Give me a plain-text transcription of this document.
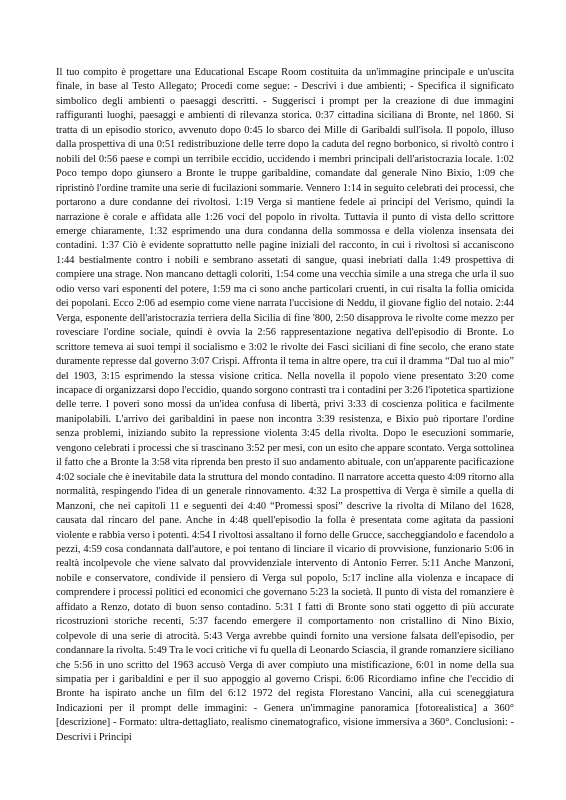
Il tuo compito è progettare una Educational Escape Room costituita da un'immagine principale e un'uscita finale, in base al Testo Allegato; Procedi come segue: - Descrivi i due ambienti; - Specifica il significato simbolico degli ambienti o paesaggi descritti. - Suggerisci i prompt per la creazione di due immagini raffiguranti luoghi, paesaggi e ambienti di rilevanza storica. 0:37 cittadina siciliana di Bronte, nel 1860. Si tratta di un episodio storico, avvenuto dopo 0:45 lo sbarco dei Mille di Garibaldi sull'isola. Il popolo, illuso dalla prospettiva di una 0:51 redistribuzione delle terre dopo la caduta del regno borbonico, si rivoltò contro i nobili del 0:56 paese e compì un terribile eccidio, uccidendo i membri principali dell'aristocrazia locale. 1:02 Poco tempo dopo giunsero a Bronte le truppe garibaldine, comandate dal generale Nino Bixio, 1:09 che ripristinò l'ordine tramite una serie di fucilazioni sommarie. Vennero 1:14 in seguito celebrati dei processi, che portarono a dure condanne dei rivoltosi. 1:19 Verga si mantiene fedele ai principi del Verismo, quindi la narrazione è corale e affidata alle 1:26 voci del popolo in rivolta. Tuttavia il punto di vista dello scrittore emerge chiaramente, 1:32 esprimendo una dura condanna della sommossa e della violenza insensata dei contadini. 1:37 Ciò è evidente soprattutto nelle pagine iniziali del racconto, in cui i rivoltosi si accaniscono 1:44 bestialmente contro i nobili e sembrano assetati di sangue, quasi inebriati dalla 1:49 prospettiva di compiere una strage. Non mancano dettagli coloriti, 1:54 come una vecchia simile a una strega che urla il suo odio verso vari esponenti del potere, 1:59 ma ci sono anche particolari cruenti, in cui risalta la follia omicida dei popolani. Ecco 2:06 ad esempio come viene narrata l'uccisione di Neddu, il giovane figlio del notaio. 2:44 Verga, esponente dell'aristocrazia terriera della Sicilia di fine '800, 2:50 disapprova le rivolte come mezzo per rovesciare l'ordine sociale, quindi è ovvia la 2:56 rappresentazione negativa dell'episodio di Bronte. Lo scrittore temeva ai suoi tempi il socialismo e 3:02 le rivolte dei Fasci siciliani di fine secolo, che erano state duramente represse dal governo 3:07 Crispi. Affronta il tema in altre opere, tra cui il dramma “Dal tuo al mio” del 1903, 3:15 esprimendo la stessa visione critica. Nella novella il popolo viene presentato 3:20 come incapace di organizzarsi dopo l'eccidio, quando sorgono contrasti tra i contadini per 3:26 l'ipotetica spartizione delle terre. I poveri sono mossi da un'idea confusa di libertà, privi 3:33 di coscienza politica e facilmente manipolabili. L'arrivo dei garibaldini in paese non incontra 3:39 resistenza, e Bixio può riportare l'ordine senza problemi, iniziando subito la repressione violenta 3:45 della rivolta. Dopo le esecuzioni sommarie, vengono celebrati i processi che si trascinano 3:52 per mesi, con un esito che appare scontato. Verga sottolinea il fatto che a Bronte la 3:58 vita riprenda ben presto il suo andamento abituale, con un'apparente pacificazione 4:02 sociale che è inevitabile data la struttura del mondo contadino. Il narratore accetta questo 4:09 ritorno alla normalità, respingendo l'idea di un generale rinnovamento. 4:32 La prospettiva di Verga è simile a quella di Manzoni, che nei capitoli 11 e seguenti dei 4:40 “Promessi sposi” descrive la rivolta di Milano del 1628, causata dal rincaro del pane. Anche in 4:48 quell'episodio la folla è presentata come agitata da passioni violente e rabbia verso i potenti. 4:54 I rivoltosi assaltano il forno delle Grucce, saccheggiandolo e facendolo a pezzi, 4:59 cosa condannata dall'autore, e poi tentano di linciare il vicario di provvisione, funzionario 5:06 in realtà incolpevole che viene salvato dal provvidenziale intervento di Antonio Ferrer. 5:11 Anche Manzoni, nobile e conservatore, condivide il pensiero di Verga sul popolo, 5:17 incline alla violenza e incapace di comprendere i processi politici ed economici che governano 5:23 la società. Il punto di vista del romanziere è affidato a Renzo, dotato di buon senso contadino. 5:31 I fatti di Bronte sono stati oggetto di più accurate ricostruzioni storiche recenti, 5:37 facendo emergere il comportamento non cristallino di Nino Bixio, colpevole di una serie di atrocità. 5:43 Verga avrebbe quindi fornito una versione falsata dell'episodio, per condannare la rivolta. 5:49 Tra le voci critiche vi fu quella di Leonardo Sciascia, il grande romanziere siciliano che 5:56 in uno scritto del 1963 accusò Verga di aver compiuto una mistificazione, 6:01 in nome della sua simpatia per i garibaldini e per il suo appoggio al governo Crispi. 6:06 Ricordiamo infine che l'eccidio di Bronte ha ispirato anche un film del 6:12 1972 del regista Florestano Vancini, alla cui sceneggiatura Indicazioni per il prompt delle immagini: - Genera un'immagine panoramica [fotorealistica] a 360° [descrizione] - Formato: ultra-dettagliato, realismo cinematografico, visione immersiva a 360°. Conclusioni: - Descrivi i Principi
